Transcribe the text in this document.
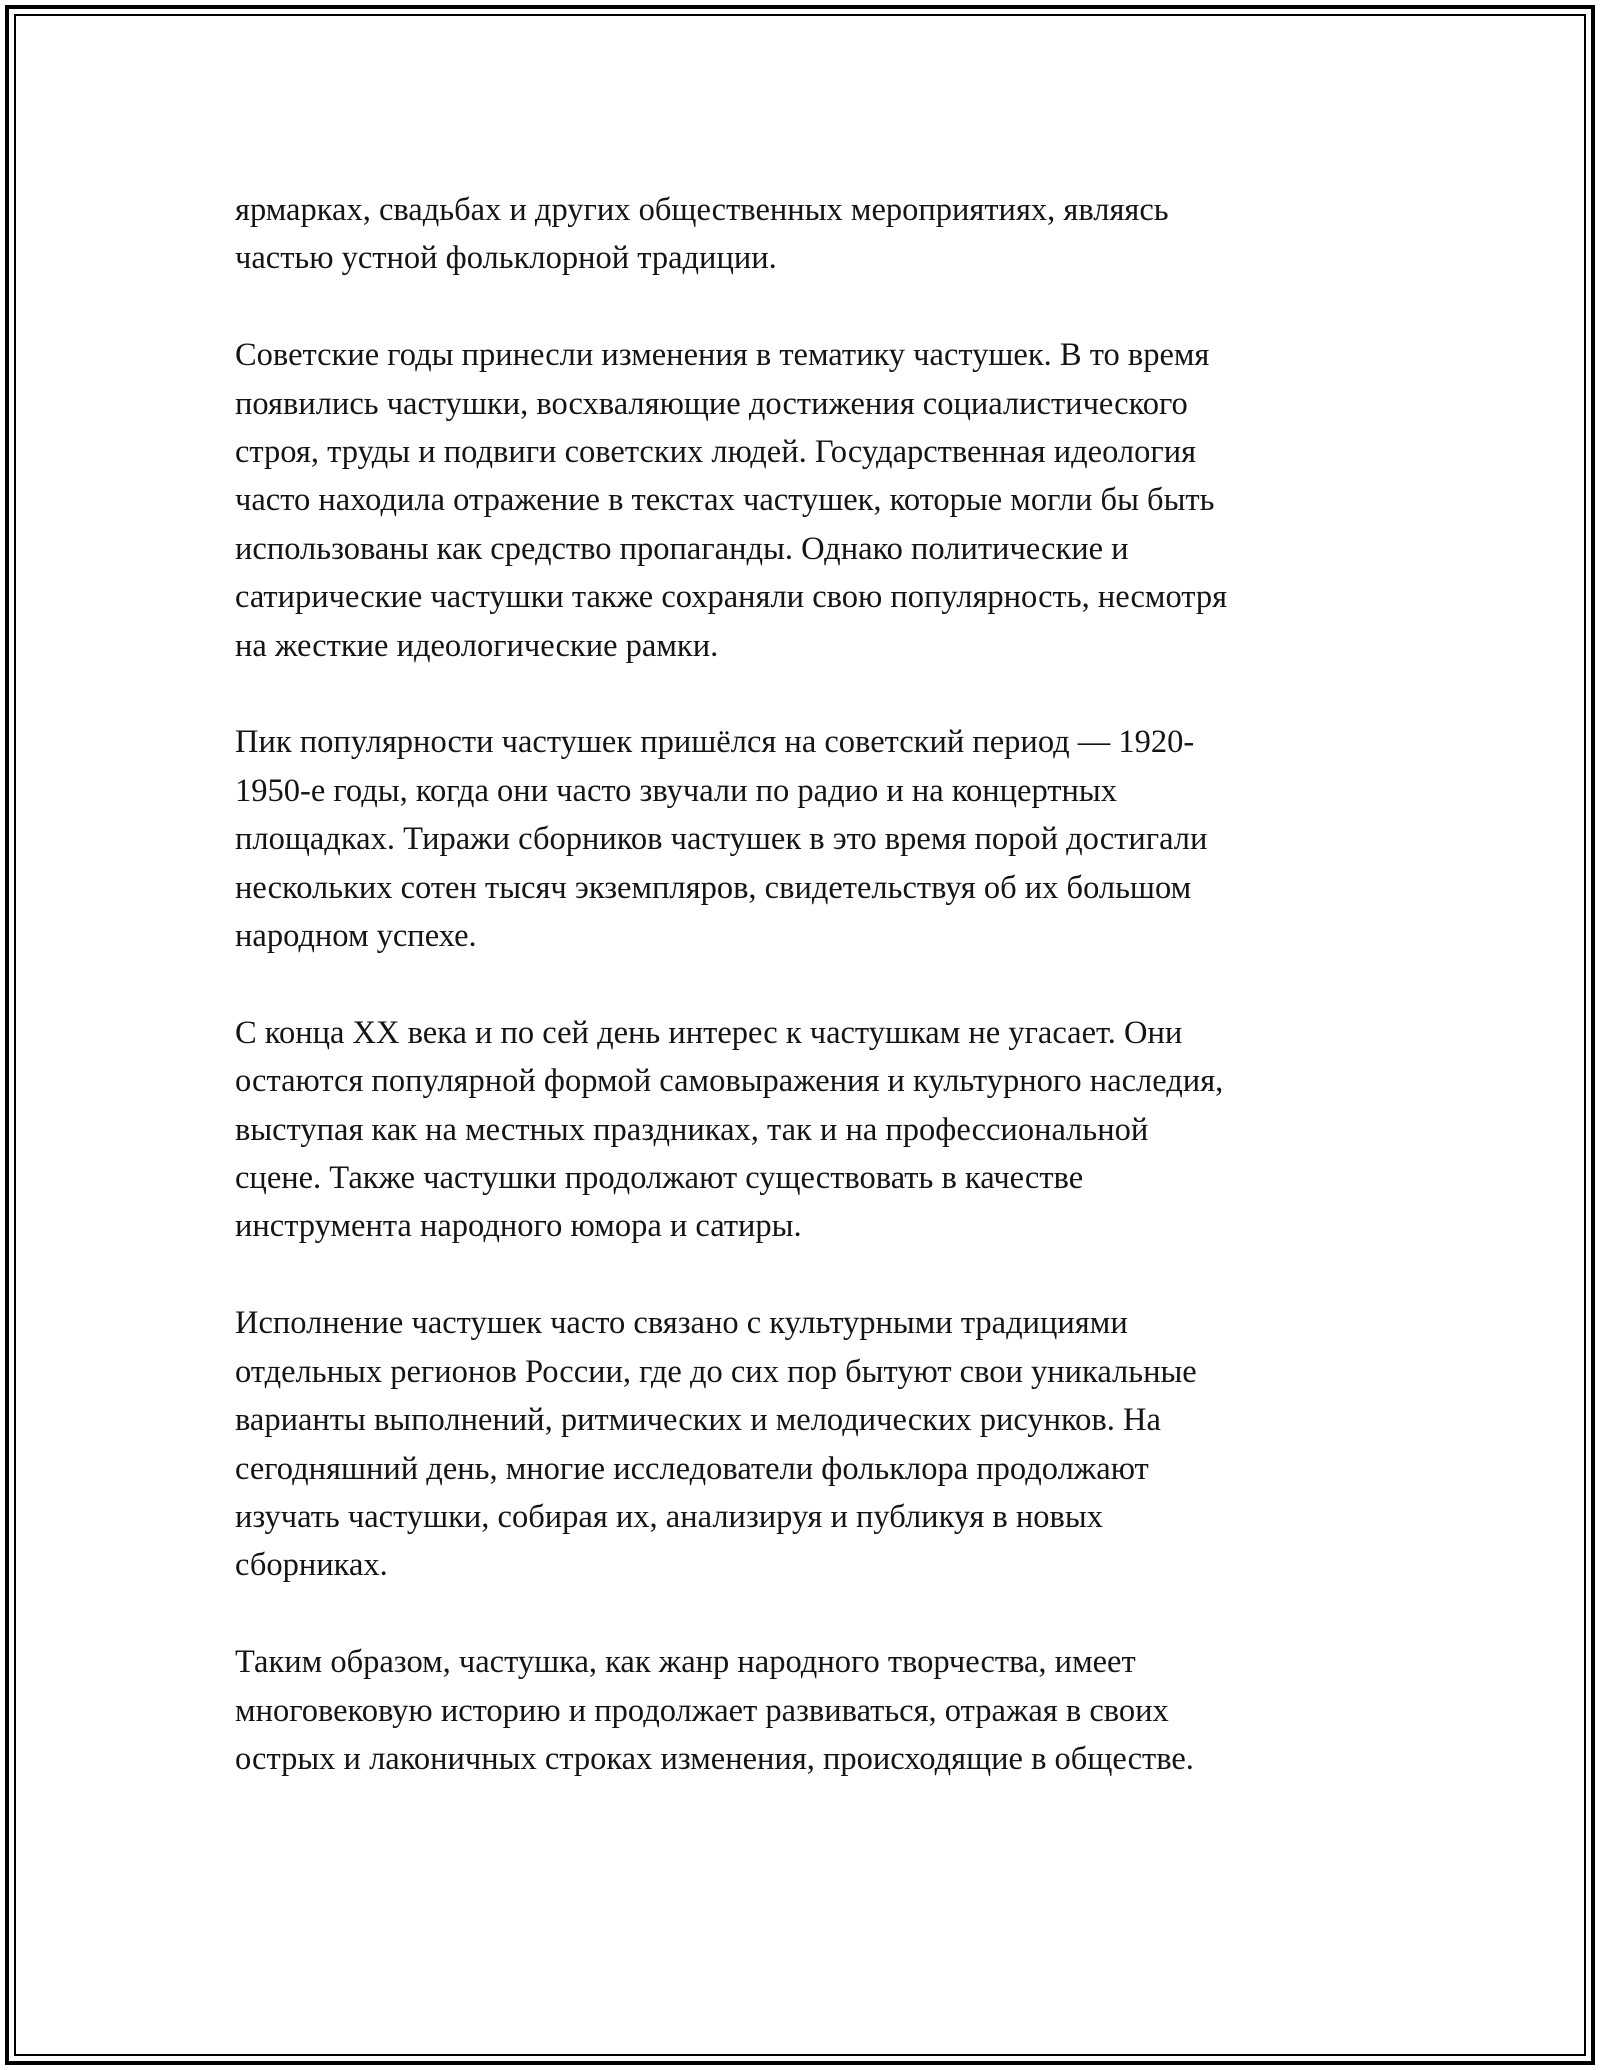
ярмарках, свадьбах и других общественных мероприятиях, являясь
частью устной фольклорной традиции.

Советские годы принесли изменения в тематику частушек. В то время
появились частушки, восхваляющие достижения социалистического
строя, труды и подвиги советских людей. Государственная идеология
часто находила отражение в текстах частушек, которые могли бы быть
использованы как средство пропаганды. Однако политические и
сатирические частушки также сохраняли свою популярность, несмотря
на жесткие идеологические рамки.

Пик популярности частушек пришёлся на советский период — 1920-
1950-е годы, когда они часто звучали по радио и на концертных
площадках. Тиражи сборников частушек в это время порой достигали
нескольких сотен тысяч экземпляров, свидетельствуя об их большом
народном успехе.

С конца XX века и по сей день интерес к частушкам не угасает. Они
остаются популярной формой самовыражения и культурного наследия,
выступая как на местных праздниках, так и на профессиональной
сцене. Также частушки продолжают существовать в качестве
инструмента народного юмора и сатиры.

Исполнение частушек часто связано с культурными традициями
отдельных регионов России, где до сих пор бытуют свои уникальные
варианты выполнений, ритмических и мелодических рисунков. На
сегодняшний день, многие исследователи фольклора продолжают
изучать частушки, собирая их, анализируя и публикуя в новых
сборниках.

Таким образом, частушка, как жанр народного творчества, имеет
многовековую историю и продолжает развиваться, отражая в своих
острых и лаконичных строках изменения, происходящие в обществе.
